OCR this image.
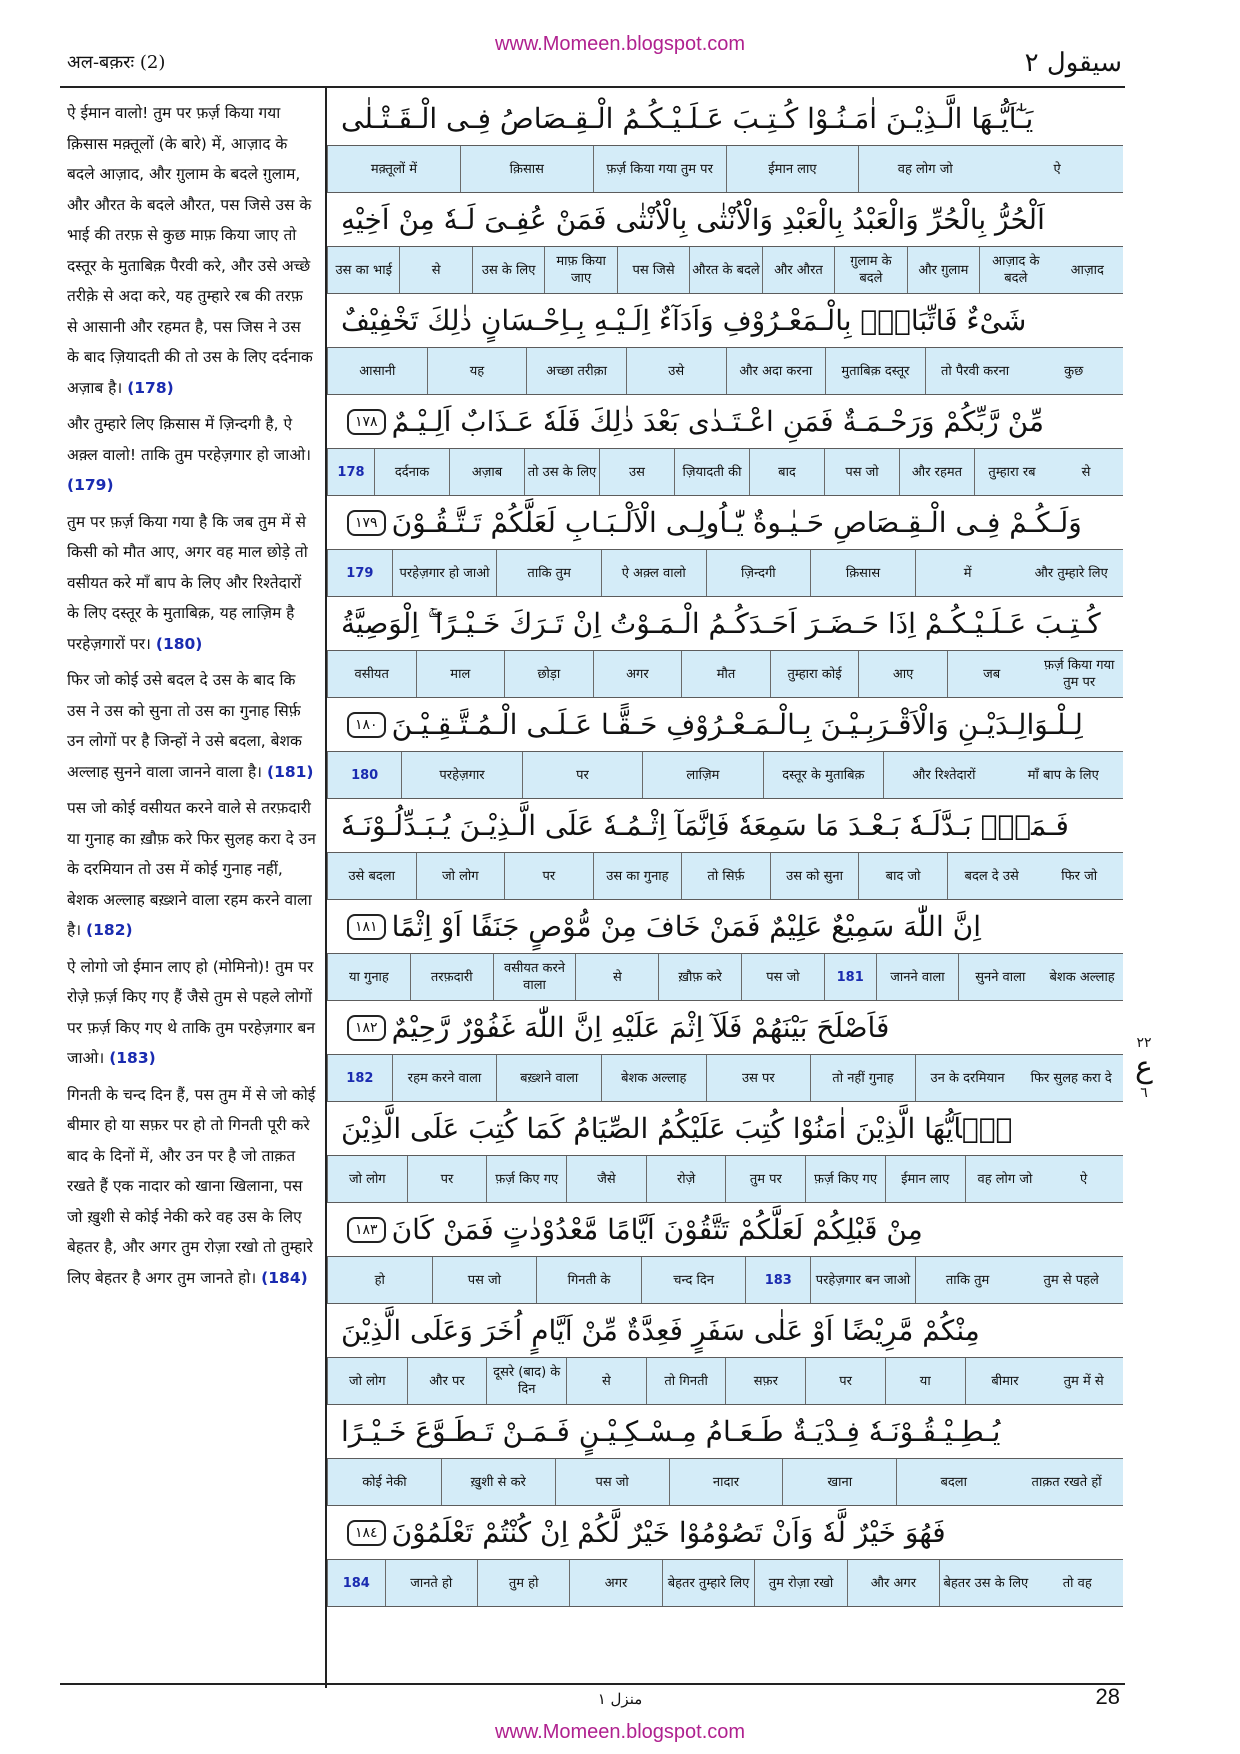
www.Momeen.blogspot.com
अल-बक़रः (2)	سیقول ۲
ऐ ईमान वालो! तुम पर फ़र्ज़ किया गया क़िसास मक़्तूलों (के बारे) में, आज़ाद के बदले आज़ाद, और ग़ुलाम के बदले ग़ुलाम, और औरत के बदले औरत, पस जिसे उस के भाई की तरफ़ से कुछ माफ़ किया जाए तो दस्तूर के मुताबिक़ पैरवी करे, और उसे अच्छे तरीक़े से अदा करे, यह तुम्हारे रब की तरफ़ से आसानी और रहमत है, पस जिस ने उस के बाद ज़ियादती की तो उस के लिए दर्दनाक अज़ाब है। (178)
और तुम्हारे लिए क़िसास में ज़िन्दगी है, ऐ अक़्ल वालो! ताकि तुम परहेज़गार हो जाओ। (179)
तुम पर फ़र्ज़ किया गया है कि जब तुम में से किसी को मौत आए, अगर वह माल छोड़े तो वसीयत करे माँ बाप के लिए और रिश्तेदारों के लिए दस्तूर के मुताबिक़, यह लाज़िम है परहेज़गारों पर। (180)
फिर जो कोई उसे बदल दे उस के बाद कि उस ने उस को सुना तो उस का गुनाह सिर्फ़ उन लोगों पर है जिन्हों ने उसे बदला, बेशक अल्लाह सुनने वाला जानने वाला है। (181)
पस जो कोई वसीयत करने वाले से तरफ़दारी या गुनाह का ख़ौफ़ करे फिर सुलह करा दे उन के दरमियान तो उस में कोई गुनाह नहीं, बेशक अल्लाह बख़्शने वाला रहम करने वाला है। (182)
ऐ लोगो जो ईमान लाए हो (मोमिनो)! तुम पर रोज़े फ़र्ज़ किए गए हैं जैसे तुम से पहले लोगों पर फ़र्ज़ किए गए थे ताकि तुम परहेज़गार बन जाओ। (183)
गिनती के चन्द दिन हैं, पस तुम में से जो कोई बीमार हो या सफ़र पर हो तो गिनती पूरी करे बाद के दिनों में, और उन पर है जो ताक़त रखते हैं एक नादार को खाना खिलाना, पस जो ख़ुशी से कोई नेकी करे वह उस के लिए बेहतर है, और अगर तुम रोज़ा रखो तो तुम्हारे लिए बेहतर है अगर तुम जानते हो। (184)
يَـٰٓاَيُّـهَا الَّـذِيْـنَ اٰمَـنُـوْا كُـتِـبَ عَـلَـيْـكُـمُ الْـقِـصَاصُ فِـى الْـقَـتْـلٰى
ऐ
वह लोग जो
ईमान लाए
फ़र्ज़ किया गया तुम पर
क़िसास
मक़्तूलों में
اَلْحُرُّ بِالْحُرِّ وَالْعَبْدُ بِالْعَبْدِ وَالْاُنْثٰى بِالْاُنْثٰى فَمَنْ عُفِـىَ لَـهٗ مِنْ اَخِيْهِ
आज़ाद
आज़ाद के बदले
और ग़ुलाम
ग़ुलाम के बदले
और औरत
औरत के बदले
पस जिसे
माफ़ किया जाए
उस के लिए
से
उस का भाई
شَىْءٌ فَاتِّبَاعٌۢ بِالْـمَعْـرُوْفِ وَاَدَآءٌ اِلَـيْـهِ بِـاِحْـسَانٍ ذٰلِكَ تَخْفِيْفٌ
कुछ
तो पैरवी करना
मुताबिक़ दस्तूर
और अदा करना
उसे
अच्छा तरीक़ा
यह
आसानी
مِّنْ رَّبِّكُمْ وَرَحْـمَـةٌ فَمَنِ اعْـتَـدٰى بَعْدَ ذٰلِكَ فَلَهٗ عَـذَابٌ اَلِـيْـمٌ
١٧٨
से
तुम्हारा रब
और रहमत
पस जो
बाद
ज़ियादती की
उस
तो उस के लिए
अज़ाब
दर्दनाक
178
وَلَـكُـمْ فِـى الْـقِـصَاصِ حَـيٰـوةٌ يّٰـاُولِـى الْاَلْـبَـابِ لَعَلَّكُمْ تَـتَّـقُـوْنَ
١٧٩
और तुम्हारे लिए
में
क़िसास
ज़िन्दगी
ऐ अक़्ल वालो
ताकि तुम
परहेज़गार हो जाओ
179
كُـتِـبَ عَـلَـيْـكُـمْ اِذَا حَـضَـرَ اَحَـدَكُـمُ الْـمَـوْتُ اِنْ تَـرَكَ خَـيْـرًا ۖۚ اِلْوَصِيَّةُ
फ़र्ज़ किया गया तुम पर
जब
आए
तुम्हारा कोई
मौत
अगर
छोड़ा
माल
वसीयत
لِـلْـوَالِـدَيْـنِ وَالْاَقْـرَبِـيْـنَ بِـالْـمَـعْـرُوْفِ حَـقًّـا عَـلَـى الْـمُـتَّـقِـيْـنَ
١٨٠
माँ बाप के लिए
और रिश्तेदारों
दस्तूर के मुताबिक़
लाज़िम
पर
परहेज़गार
180
فَـمَنْۢ بَـدَّلَـهٗ بَـعْـدَ مَا سَمِعَهٗ فَاِنَّمَآ اِثْـمُـهٗ عَلَى الَّـذِيْـنَ يُـبَـدِّلُـوْنَـهٗ
फिर जो
बदल दे उसे
बाद जो
उस को सुना
तो सिर्फ़
उस का गुनाह
पर
जो लोग
उसे बदला
اِنَّ اللّٰهَ سَمِيْعٌ عَلِيْمٌ فَمَنْ خَافَ مِنْ مُّوْصٍ جَنَفًا اَوْ اِثْمًا
١٨١
बेशक अल्लाह
सुनने वाला
जानने वाला
181
पस जो
ख़ौफ़ करे
से
वसीयत करने वाला
तरफ़दारी
या गुनाह
فَاَصْلَحَ بَيْنَهُمْ فَلَآ اِثْمَ عَلَيْهِ اِنَّ اللّٰهَ غَفُوْرٌ رَّحِيْمٌ
١٨٢
फिर सुलह करा दे
उन के दरमियान
तो नहीं गुनाह
उस पर
बेशक अल्लाह
बख़्शने वाला
रहम करने वाला
182
يٰۤاَيُّهَا الَّذِيْنَ اٰمَنُوْا كُتِبَ عَلَيْكُمُ الصِّيَامُ كَمَا كُتِبَ عَلَى الَّذِيْنَ
ऐ
वह लोग जो
ईमान लाए
फ़र्ज़ किए गए
तुम पर
रोज़े
जैसे
फ़र्ज़ किए गए
पर
जो लोग
مِنْ قَبْلِكُمْ لَعَلَّكُمْ تَتَّقُوْنَ اَيَّامًا مَّعْدُوْدٰتٍ فَمَنْ كَانَ
١٨٣
तुम से पहले
ताकि तुम
परहेज़गार बन जाओ
183
चन्द दिन
गिनती के
पस जो
हो
مِنْكُمْ مَّرِيْضًا اَوْ عَلٰى سَفَرٍ فَعِدَّةٌ مِّنْ اَيَّامٍ اُخَرَ وَعَلَى الَّذِيْنَ
तुम में से
बीमार
या
पर
सफ़र
तो गिनती
से
दूसरे (बाद) के दिन
और पर
जो लोग
يُـطِـيْـقُـوْنَـهٗ فِـدْيَـةٌ طَـعَـامُ مِـسْـكِـيْـنٍ فَـمَـنْ تَـطَـوَّعَ خَـيْـرًا
ताक़त रखते हों
बदला
खाना
नादार
पस जो
ख़ुशी से करे
कोई नेकी
فَهُوَ خَيْرٌ لَّهٗ وَاَنْ تَصُوْمُوْا خَيْرٌ لَّكُمْ اِنْ كُنْتُمْ تَعْلَمُوْنَ
١٨٤
तो वह
बेहतर उस के लिए
और अगर
तुम रोज़ा रखो
बेहतर तुम्हारे लिए
अगर
तुम हो
जानते हो
184
٢٢
ع
٦
منزل ١	28
www.Momeen.blogspot.com
